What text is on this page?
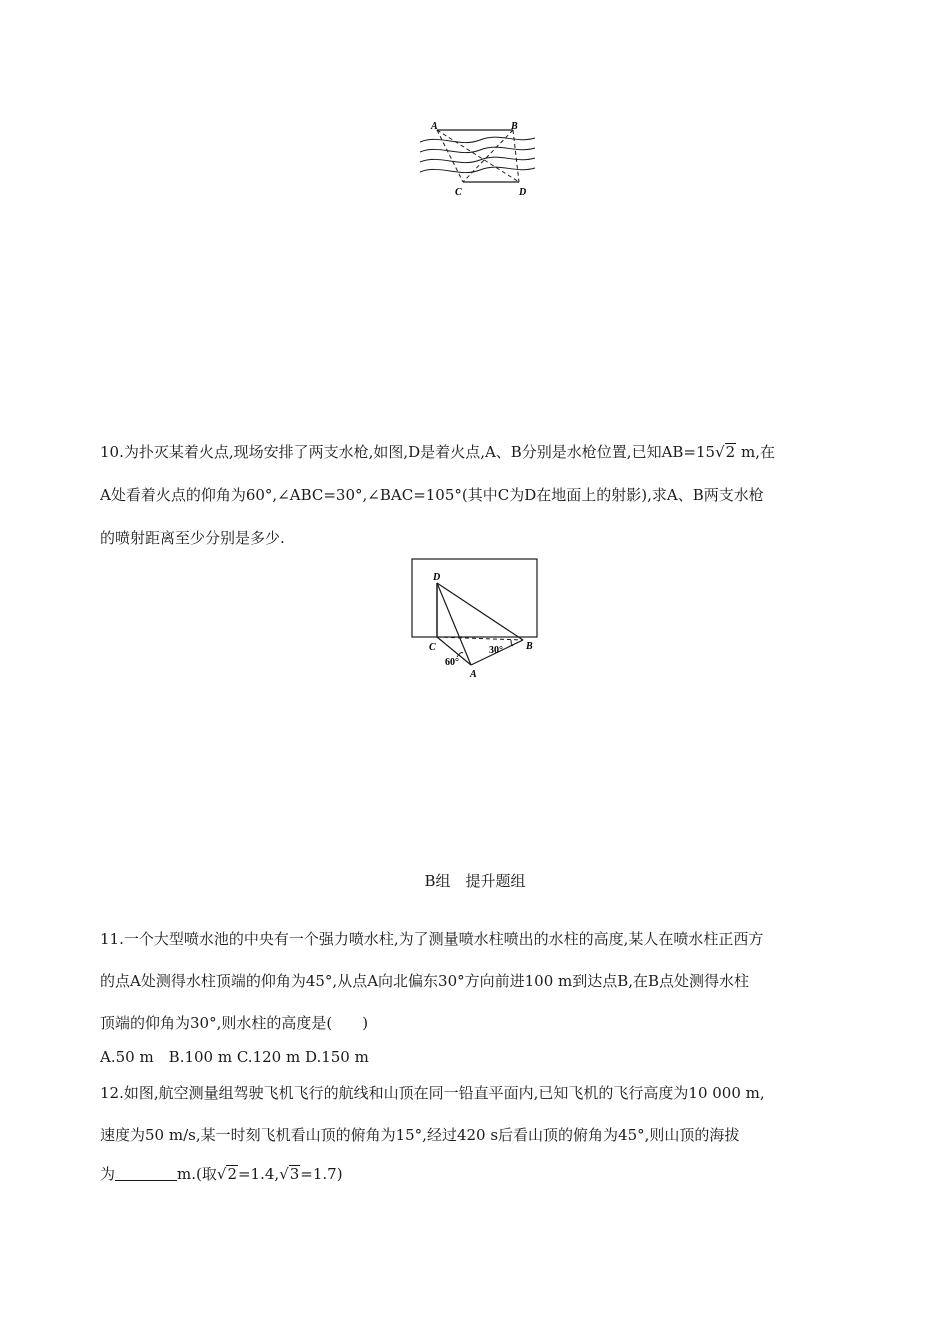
A	B
C	D
10.为扑灭某着火点,现场安排了两支水枪,如图,D是着火点,A、B分别是水枪位置,已知AB=15√2 m,在
A处看着火点的仰角为60°,∠ABC=30°,∠BAC=105°(其中C为D在地面上的射影),求A、B两支水枪
的喷射距离至少分别是多少.
D
C	B
A
60°
30°
B组　提升题组
11.一个大型喷水池的中央有一个强力喷水柱,为了测量喷水柱喷出的水柱的高度,某人在喷水柱正西方
的点A处测得水柱顶端的仰角为45°,从点A向北偏东30°方向前进100 m到达点B,在B点处测得水柱
顶端的仰角为30°,则水柱的高度是(　　)
A.50 m　B.100 m C.120 m D.150 m
12.如图,航空测量组驾驶飞机飞行的航线和山顶在同一铅直平面内,已知飞机的飞行高度为10 000 m,
速度为50 m/s,某一时刻飞机看山顶的俯角为15°,经过420 s后看山顶的俯角为45°,则山顶的海拔
为	m.(取√2=1.4,√3=1.7)
